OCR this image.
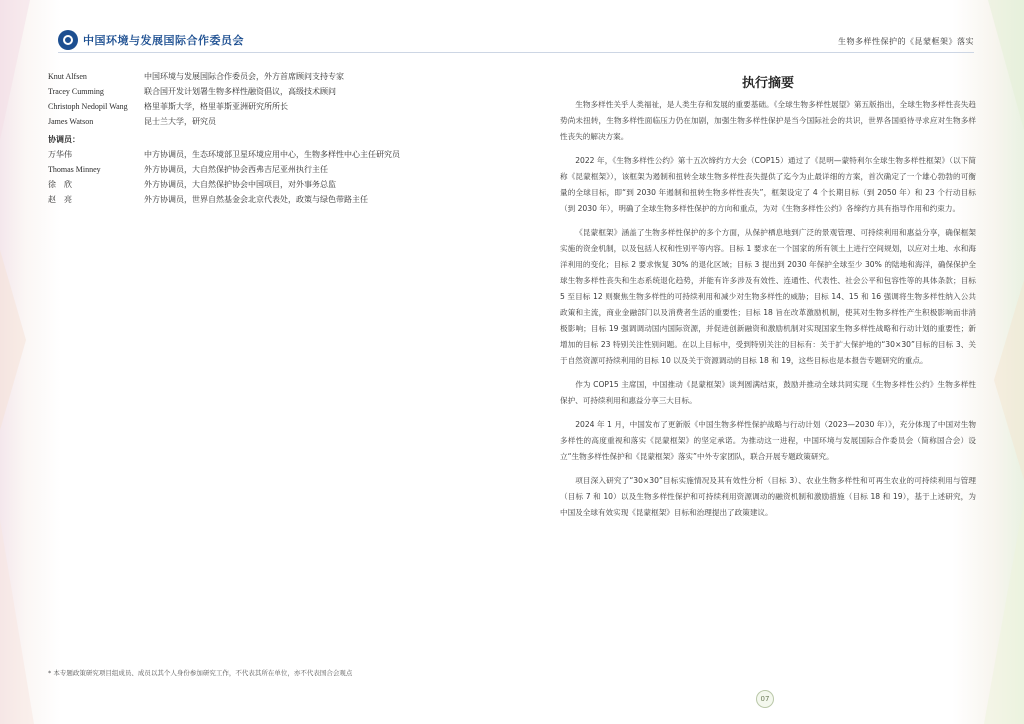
中国环境与发展国际合作委员会	生物多样性保护的《昆蒙框架》落实
Knut Alfsen	中国环境与发展国际合作委员会，外方首席顾问支持专家
Tracey Cumming	联合国开发计划署生物多样性融资倡议，高级技术顾问
Christoph Nedopil Wang	格里菲斯大学，格里菲斯亚洲研究所所长
James Watson	昆士兰大学，研究员
协调员：
万华伟	中方协调员，生态环境部卫星环境应用中心，生物多样性中心主任研究员
Thomas Minney	外方协调员，大自然保护协会西弗吉尼亚州执行主任
徐　欣	外方协调员，大自然保护协会中国项目，对外事务总监
赵　亮	外方协调员，世界自然基金会北京代表处，政策与绿色带路主任
* 本专题政策研究项目组成员、成员以其个人身份参加研究工作，不代表其所在单位，亦不代表国合会观点
执行摘要

生物多样性关乎人类福祉，是人类生存和发展的重要基础。《全球生物多样性展望》第五版指出，全球生物多样性丧失趋势尚未扭转，生物多样性面临压力仍在加剧，加强生物多样性保护是当今国际社会的共识，世界各国亟待寻求应对生物多样性丧失的解决方案。

2022 年，《生物多样性公约》第十五次缔约方大会（COP15）通过了《昆明—蒙特利尔全球生物多样性框架》（以下简称《昆蒙框架》），该框架为遏制和扭转全球生物多样性丧失提供了迄今为止最详细的方案，首次确定了一个雄心勃勃的可衡量的全球目标，即“到 2030 年遏制和扭转生物多样性丧失”，框架设定了 4 个长期目标（到 2050 年）和 23 个行动目标（到 2030 年），明确了全球生物多样性保护的方向和重点，为对《生物多样性公约》各缔约方具有指导作用和约束力。

《昆蒙框架》涵盖了生物多样性保护的多个方面，从保护栖息地到广泛的景观管理、可持续利用和惠益分享，确保框架实施的资金机制，以及包括人权和性别平等内容。目标 1 要求在一个国家的所有领土上进行空间规划，以应对土地、水和海洋利用的变化；目标 2 要求恢复 30% 的退化区域；目标 3 提出到 2030 年保护全球至少 30% 的陆地和海洋，确保保护全球生物多样性丧失和生态系统退化趋势，并能有许多涉及有效性、连通性、代表性、社会公平和包容性等的具体条款；目标 5 至目标 12 则聚焦生物多样性的可持续利用和减少对生物多样性的威胁；目标 14、15 和 16 强调将生物多样性纳入公共政策和主流，商业金融部门以及消费者生活的重要性；目标 18 旨在改革激励机制，使其对生物多样性产生积极影响而非消极影响；目标 19 强调调动国内国际资源，并促进创新融资和激励机制对实现国家生物多样性战略和行动计划的重要性；新增加的目标 23 特别关注性别问题。在以上目标中，受到特别关注的目标有：关于扩大保护地的“30×30”目标的目标 3、关于自然资源可持续利用的目标 10 以及关于资源调动的目标 18 和 19，这些目标也是本报告专题研究的重点。

作为 COP15 主席国，中国推动《昆蒙框架》谈判圆满结束，鼓励并推动全球共同实现《生物多样性公约》生物多样性保护、可持续利用和惠益分享三大目标。

2024 年 1 月，中国发布了更新版《中国生物多样性保护战略与行动计划（2023—2030 年）》，充分体现了中国对生物多样性的高度重视和落实《昆蒙框架》的坚定承诺。为推动这一进程，中国环境与发展国际合作委员会（简称国合会）设立“生物多样性保护和《昆蒙框架》落实”中外专家团队，联合开展专题政策研究。

项目深入研究了“30×30”目标实施情况及其有效性分析（目标 3）、农业生物多样性和可再生农业的可持续利用与管理（目标 7 和 10）以及生物多样性保护和可持续利用资源调动的融资机制和激励措施（目标 18 和 19），基于上述研究，为中国及全球有效实现《昆蒙框架》目标和治理提出了政策建议。

07
